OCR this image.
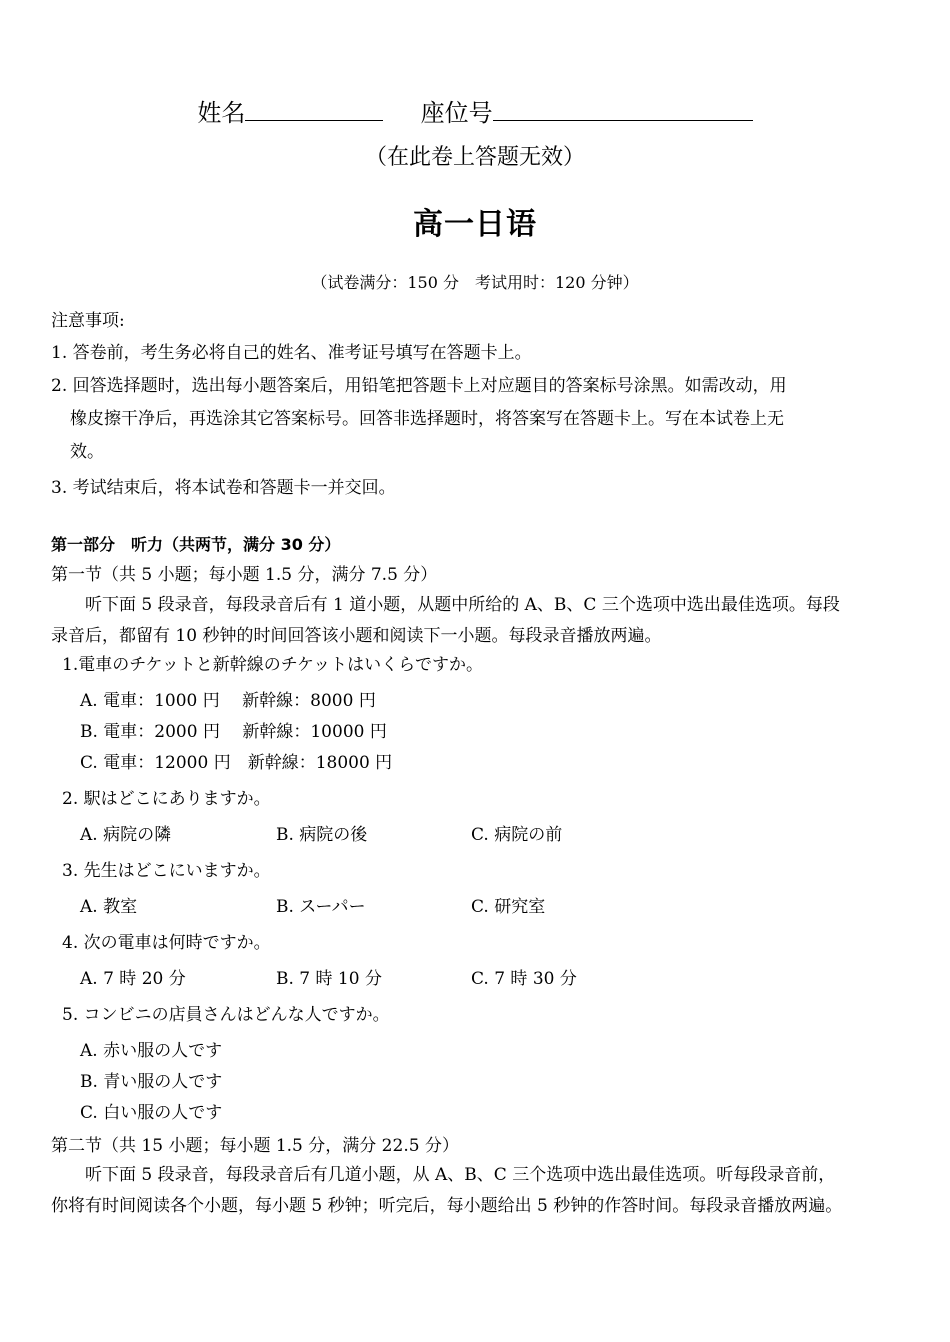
姓名	座位号
（在此卷上答题无效）
高一日语
（试卷满分：150 分　考试用时：120 分钟）
注意事项:
1. 答卷前，考生务必将自己的姓名、准考证号填写在答题卡上。
2. 回答选择题时，选出每小题答案后，用铅笔把答题卡上对应题目的答案标号涂黑。如需改动，用
橡皮擦干净后，再选涂其它答案标号。回答非选择题时，将答案写在答题卡上。写在本试卷上无
效。
3. 考试结束后，将本试卷和答题卡一并交回。
第一部分　听力（共两节，满分 30 分）
第一节（共 5 小题；每小题 1.5 分，满分 7.5 分）
听下面 5 段录音，每段录音后有 1 道小题，从题中所给的 A、B、C 三个选项中选出最佳选项。每段录音后，都留有 10 秒钟的时间回答该小题和阅读下一小题。每段录音播放两遍。
1.電車のチケットと新幹線のチケットはいくらですか。
A. 電車：1000 円　 新幹線：8000 円
B. 電車：2000 円　 新幹線：10000 円
C. 電車：12000 円　新幹線：18000 円
2. 駅はどこにありますか。
A. 病院の隣	B. 病院の後	C. 病院の前
3. 先生はどこにいますか。
A. 教室	B. スーパー	C. 研究室
4. 次の電車は何時ですか。
A. 7 時 20 分	B. 7 時 10 分	C. 7 時 30 分
5. コンビニの店員さんはどんな人ですか。
A. 赤い服の人です
B. 青い服の人です
C. 白い服の人です
第二节（共 15 小题；每小题 1.5 分，满分 22.5 分）
听下面 5 段录音，每段录音后有几道小题，从 A、B、C 三个选项中选出最佳选项。听每段录音前，你将有时间阅读各个小题，每小题 5 秒钟；听完后，每小题给出 5 秒钟的作答时间。每段录音播放两遍。
